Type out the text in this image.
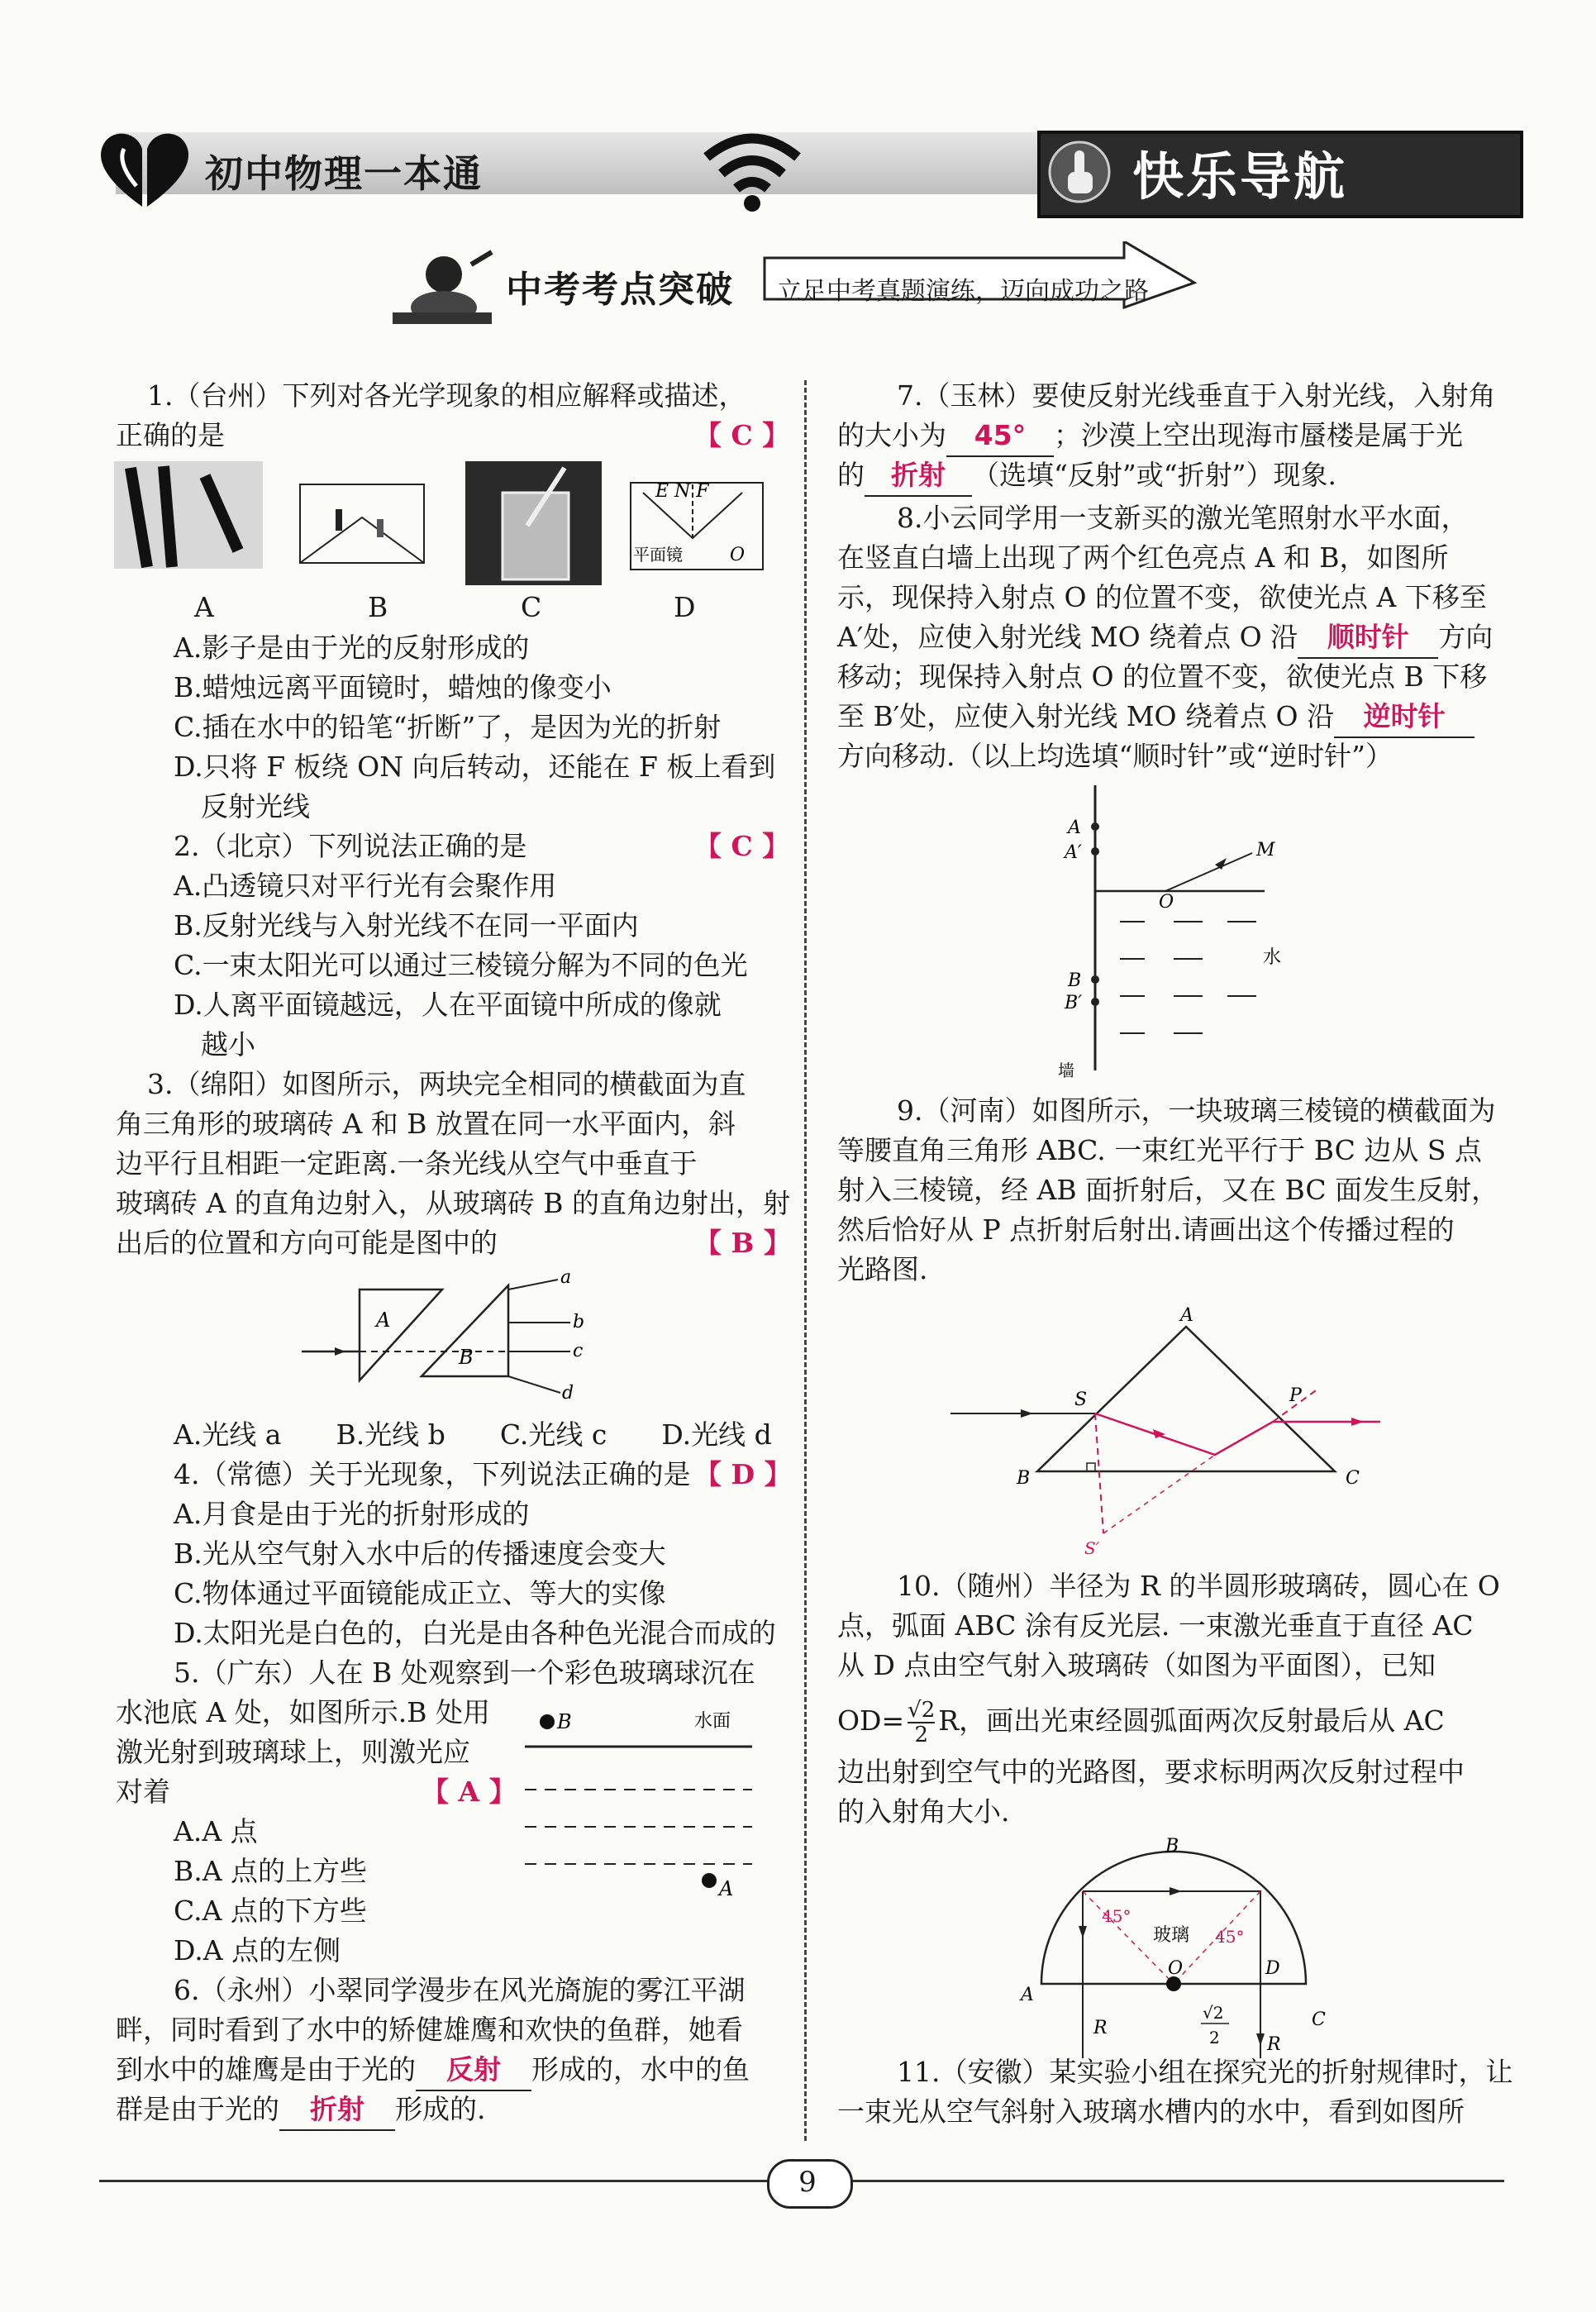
初中物理一本通	快乐导航
中考考点突破 立足中考真题演练，迈向成功之路
1.（台州）下列对各光学现象的相应解释或描述，
正确的是	【 C 】
E N F
平面镜	O
A	B	C	D
A.影子是由于光的反射形成的
B.蜡烛远离平面镜时，蜡烛的像变小
C.插在水中的铅笔“折断”了，是因为光的折射
D.只将 F 板绕 ON 向后转动，还能在 F 板上看到
反射光线
2.（北京）下列说法正确的是	【 C 】
A.凸透镜只对平行光有会聚作用
B.反射光线与入射光线不在同一平面内
C.一束太阳光可以通过三棱镜分解为不同的色光
D.人离平面镜越远，人在平面镜中所成的像就
越小
3.（绵阳）如图所示，两块完全相同的横截面为直
角三角形的玻璃砖 A 和 B 放置在同一水平面内，斜
边平行且相距一定距离.一条光线从空气中垂直于
玻璃砖 A 的直角边射入，从玻璃砖 B 的直角边射出，射
出后的位置和方向可能是图中的	【 B 】
A
B
a
b
c
d
A.光线 a　　B.光线 b　　C.光线 c　　D.光线 d
4.（常德）关于光现象，下列说法正确的是 【 D 】
A.月食是由于光的折射形成的
B.光从空气射入水中后的传播速度会变大
C.物体通过平面镜能成正立、等大的实像
D.太阳光是白色的，白光是由各种色光混合而成的
5.（广东）人在 B 处观察到一个彩色玻璃球沉在
水池底 A 处，如图所示.B 处用
激光射到玻璃球上，则激光应
对着	【 A 】
B	水面
A
A.A 点
B.A 点的上方些
C.A 点的下方些
D.A 点的左侧
6.（永州）小翠同学漫步在风光旖旎的雾江平湖
畔，同时看到了水中的矫健雄鹰和欢快的鱼群，她看
到水中的雄鹰是由于光的 反射 形成的，水中的鱼
群是由于光的 折射 形成的.
7.（玉林）要使反射光线垂直于入射光线，入射角
的大小为 45° ；沙漠上空出现海市蜃楼是属于光
的 折射 （选填“反射”或“折射”）现象.
8.小云同学用一支新买的激光笔照射水平水面，
在竖直白墙上出现了两个红色亮点 A 和 B，如图所
示，现保持入射点 O 的位置不变，欲使光点 A 下移至
A′处，应使入射光线 MO 绕着点 O 沿 顺时针 方向
移动；现保持入射点 O 的位置不变，欲使光点 B 下移
至 B′处，应使入射光线 MO 绕着点 O 沿 逆时针
方向移动.（以上均选填“顺时针”或“逆时针”）
A
A′
B
B′
O
M
水
墙
9.（河南）如图所示，一块玻璃三棱镜的横截面为
等腰直角三角形 ABC. 一束红光平行于 BC 边从 S 点
射入三棱镜，经 AB 面折射后，又在 BC 面发生反射，
然后恰好从 P 点折射后射出.请画出这个传播过程的
光路图.
A
B	C
S	P
S′
10.（随州）半径为 R 的半圆形玻璃砖，圆心在 O
点，弧面 ABC 涂有反光层. 一束激光垂直于直径 AC
从 D 点由空气射入玻璃砖（如图为平面图），已知
$OD= \frac{√2}{2}$ R，画出光束经圆弧面两次反射最后从 AC
边出射到空气中的光路图，要求标明两次反射过程中
的入射角大小.
B
A
C
O	D
R
R
45°
45°
玻璃
√2
2
11.（安徽）某实验小组在探究光的折射规律时，让
一束光从空气斜射入玻璃水槽内的水中，看到如图所
9
